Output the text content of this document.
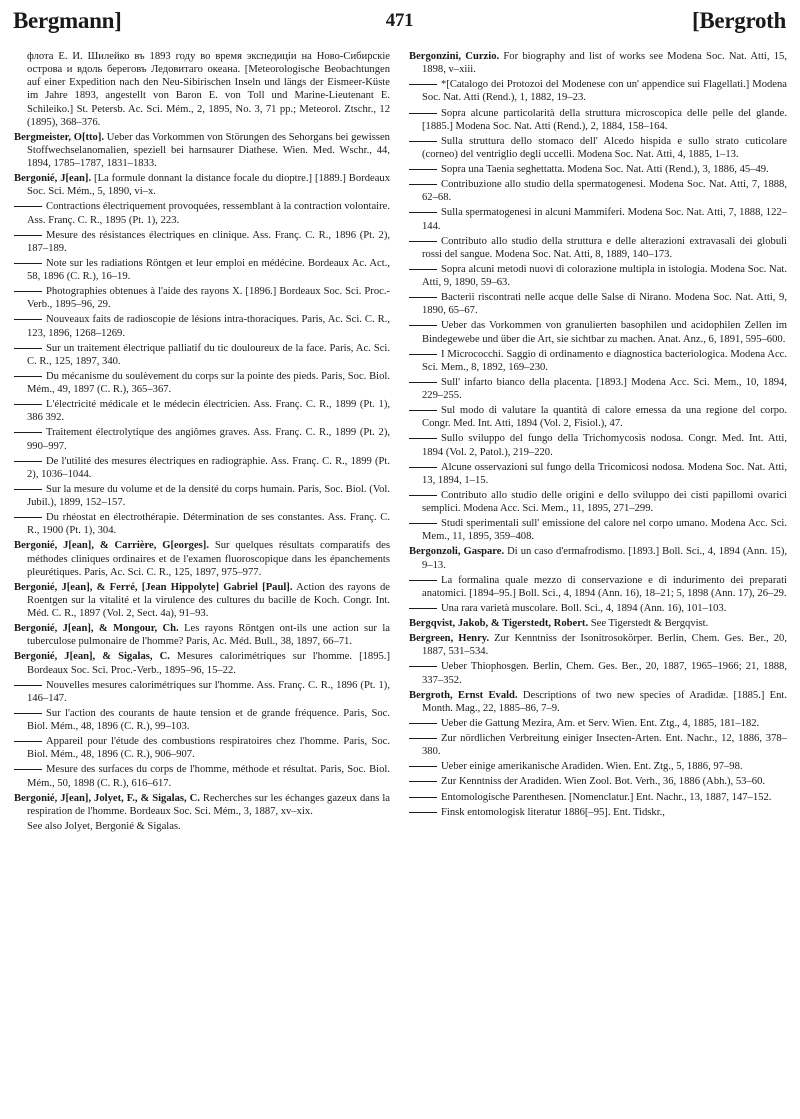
Bergmann]	471	[Bergroth

флота Е. И. Шилейко въ 1893 году во время экспедиціи на Ново-Сибирскіе острова и вдоль береговъ Ледовитаго океана. [Meteorologische Beobachtungen auf einer Expedition nach den Neu-Sibirischen Inseln und längs der Eismeer-Küste im Jahre 1893, angestellt von Baron E. von Toll und Marine-Lieutenant E. Schileiko.] St. Petersb. Ac. Sci. Mém., 2, 1895, No. 3, 71 pp.; Meteorol. Ztschr., 12 (1895), 368–376.

Bergmeister, O[tto]. Ueber das Vorkommen von Störungen des Sehorgans bei gewissen Stoffwechselanomalien, speziell bei harnsaurer Diathese. Wien. Med. Wschr., 44, 1894, 1785–1787, 1831–1833.

Bergonié, J[ean]. [La formule donnant la distance focale du dioptre.] [1889.] Bordeaux Soc. Sci. Mém., 5, 1890, vi–x.

Contractions électriquement provoquées, ressemblant à la contraction volontaire. Ass. Franç. C. R., 1895 (Pt. 1), 223.

Mesure des résistances électriques en clinique. Ass. Franç. C. R., 1896 (Pt. 2), 187–189.

Note sur les radiations Röntgen et leur emploi en médécine. Bordeaux Ac. Act., 58, 1896 (C. R.), 16–19.

Photographies obtenues à l'aide des rayons X. [1896.] Bordeaux Soc. Sci. Proc.-Verb., 1895–96, 29.

Nouveaux faits de radioscopie de lésions intra-thoraciques. Paris, Ac. Sci. C. R., 123, 1896, 1268–1269.

Sur un traitement électrique palliatif du tic douloureux de la face. Paris, Ac. Sci. C. R., 125, 1897, 340.

Du mécanisme du soulèvement du corps sur la pointe des pieds. Paris, Soc. Biol. Mém., 49, 1897 (C. R.), 365–367.

L'électricité médicale et le médecin électricien. Ass. Franç. C. R., 1899 (Pt. 1), 386 392.

Traitement électrolytique des angiômes graves. Ass. Franç. C. R., 1899 (Pt. 2), 990–997.

De l'utilité des mesures électriques en radiographie. Ass. Franç. C. R., 1899 (Pt. 2), 1036–1044.

Sur la mesure du volume et de la densité du corps humain. Paris, Soc. Biol. (Vol. Jubil.), 1899, 152–157.

Du rhéostat en électrothérapie. Détermination de ses constantes. Ass. Franç. C. R., 1900 (Pt. 1), 304.

Bergonié, J[ean], & Carrière, G[eorges]. Sur quelques résultats comparatifs des méthodes cliniques ordinaires et de l'examen fluoroscopique dans les épanchements pleurétiques. Paris, Ac. Sci. C. R., 125, 1897, 975–977.

Bergonié, J[ean], & Ferré, [Jean Hippolyte] Gabriel [Paul]. Action des rayons de Roentgen sur la vitalité et la virulence des cultures du bacille de Koch. Congr. Int. Méd. C. R., 1897 (Vol. 2, Sect. 4a), 91–93.

Bergonié, J[ean], & Mongour, Ch. Les rayons Röntgen ont-ils une action sur la tuberculose pulmonaire de l'homme? Paris, Ac. Méd. Bull., 38, 1897, 66–71.

Bergonié, J[ean], & Sigalas, C. Mesures calorimétriques sur l'homme. [1895.] Bordeaux Soc. Sci. Proc.-Verb., 1895–96, 15–22.

Nouvelles mesures calorimétriques sur l'homme. Ass. Franç. C. R., 1896 (Pt. 1), 146–147.

Sur l'action des courants de haute tension et de grande fréquence. Paris, Soc. Biol. Mém., 48, 1896 (C. R.), 99–103.

Appareil pour l'étude des combustions respiratoires chez l'homme. Paris, Soc. Biol. Mém., 48, 1896 (C. R.), 906–907.

Mesure des surfaces du corps de l'homme, méthode et résultat. Paris, Soc. Biol. Mém., 50, 1898 (C. R.), 616–617.

Bergonié, J[ean], Jolyet, F., & Sigalas, C. Recherches sur les échanges gazeux dans la respiration de l'homme. Bordeaux Soc. Sci. Mém., 3, 1887, xv–xix.

See also Jolyet, Bergonié & Sigalas.

Bergonzini, Curzio. For biography and list of works see Modena Soc. Nat. Atti, 15, 1898, v–xiii.

*[Catalogo dei Protozoi del Modenese con un' appendice sui Flagellati.] Modena Soc. Nat. Atti (Rend.), 1, 1882, 19–23.

Sopra alcune particolarità della struttura microscopica delle pelle del glande. [1885.] Modena Soc. Nat. Atti (Rend.), 2, 1884, 158–164.

Sulla struttura dello stomaco dell' Alcedo hispida e sullo strato cuticolare (corneo) del ventriglio degli uccelli. Modena Soc. Nat. Atti, 4, 1885, 1–13.

Sopra una Taenia seghettatta. Modena Soc. Nat. Atti (Rend.), 3, 1886, 45–49.

Contribuzione allo studio della spermatogenesi. Modena Soc. Nat. Atti, 7, 1888, 62–68.

Sulla spermatogenesi in alcuni Mammiferi. Modena Soc. Nat. Atti, 7, 1888, 122–144.

Contributo allo studio della struttura e delle alterazioni extravasali dei globuli rossi del sangue. Modena Soc. Nat. Atti, 8, 1889, 140–173.

Sopra alcuni metodi nuovi di colorazione multipla in istologia. Modena Soc. Nat. Atti, 9, 1890, 59–63.

Bacterii riscontrati nelle acque delle Salse di Nirano. Modena Soc. Nat. Atti, 9, 1890, 65–67.

Ueber das Vorkommen von granulierten basophilen und acidophilen Zellen im Bindegewebe und über die Art, sie sichtbar zu machen. Anat. Anz., 6, 1891, 595–600.

I Micrococchi. Saggio di ordinamento e diagnostica bacteriologica. Modena Acc. Sci. Mem., 8, 1892, 169–230.

Sull' infarto bianco della placenta. [1893.] Modena Acc. Sci. Mem., 10, 1894, 229–255.

Sul modo di valutare la quantità di calore emessa da una regione del corpo. Congr. Med. Int. Atti, 1894 (Vol. 2, Fisiol.), 47.

Sullo sviluppo del fungo della Trichomycosis nodosa. Congr. Med. Int. Atti, 1894 (Vol. 2, Patol.), 219–220.

Alcune osservazioni sul fungo della Tricomicosi nodosa. Modena Soc. Nat. Atti, 13, 1894, 1–15.

Contributo allo studio delle origini e dello sviluppo dei cisti papillomi ovarici semplici. Modena Acc. Sci. Mem., 11, 1895, 271–299.

Studi sperimentali sull' emissione del calore nel corpo umano. Modena Acc. Sci. Mem., 11, 1895, 359–408.

Bergonzoli, Gaspare. Di un caso d'ermafrodismo. [1893.] Boll. Sci., 4, 1894 (Ann. 15), 9–13.

La formalina quale mezzo di conservazione e di indurimento dei preparati anatomici. [1894–95.] Boll. Sci., 4, 1894 (Ann. 16), 18–21; 5, 1898 (Ann. 17), 26–29.

Una rara varietà muscolare. Boll. Sci., 4, 1894 (Ann. 16), 101–103.

Bergqvist, Jakob, & Tigerstedt, Robert. See Tigerstedt & Bergqvist.

Bergreen, Henry. Zur Kenntniss der Isonitrosokörper. Berlin, Chem. Ges. Ber., 20, 1887, 531–534.

Ueber Thiophosgen. Berlin, Chem. Ges. Ber., 20, 1887, 1965–1966; 21, 1888, 337–352.

Bergroth, Ernst Evald. Descriptions of two new species of Aradidæ. [1885.] Ent. Month. Mag., 22, 1885–86, 7–9.

Ueber die Gattung Mezira, Am. et Serv. Wien. Ent. Ztg., 4, 1885, 181–182.

Zur nördlichen Verbreitung einiger Insecten-Arten. Ent. Nachr., 12, 1886, 378–380.

Ueber einige amerikanische Aradiden. Wien. Ent. Ztg., 5, 1886, 97–98.

Zur Kenntniss der Aradiden. Wien Zool. Bot. Verh., 36, 1886 (Abh.), 53–60.

Entomologische Parenthesen. [Nomenclatur.] Ent. Nachr., 13, 1887, 147–152.

Finsk entomologisk literatur 1886[–95]. Ent. Tidskr.,
